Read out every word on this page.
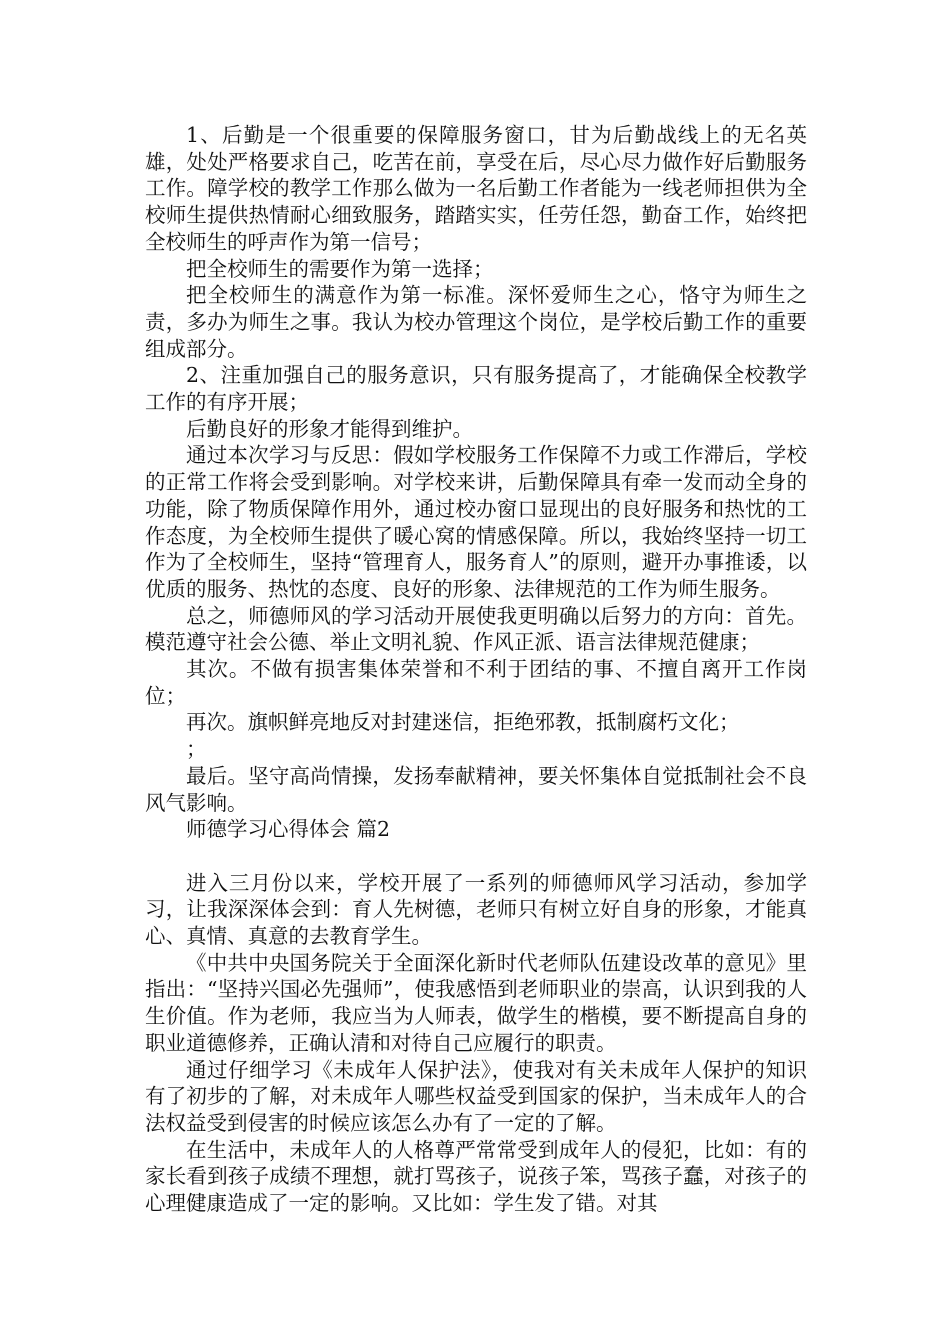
1、后勤是一个很重要的保障服务窗口，甘为后勤战线上的无名英雄，处处严格要求自己，吃苦在前，享受在后，尽心尽力做作好后勤服务工作。障学校的教学工作那么做为一名后勤工作者能为一线老师担供为全校师生提供热情耐心细致服务，踏踏实实，任劳任怨，勤奋工作，始终把全校师生的呼声作为第一信号；

把全校师生的需要作为第一选择；

把全校师生的满意作为第一标准。深怀爱师生之心，恪守为师生之责，多办为师生之事。我认为校办管理这个岗位，是学校后勤工作的重要组成部分。

2、注重加强自己的服务意识，只有服务提高了，才能确保全校教学工作的有序开展；

后勤良好的形象才能得到维护。

通过本次学习与反思：假如学校服务工作保障不力或工作滞后，学校的正常工作将会受到影响。对学校来讲，后勤保障具有牵一发而动全身的功能，除了物质保障作用外，通过校办窗口显现出的良好服务和热忱的工作态度，为全校师生提供了暖心窝的情感保障。所以，我始终坚持一切工作为了全校师生，坚持“管理育人，服务育人”的原则，避开办事推诿，以优质的服务、热忱的态度、良好的形象、法律规范的工作为师生服务。

总之，师德师风的学习活动开展使我更明确以后努力的方向：首先。模范遵守社会公德、举止文明礼貌、作风正派、语言法律规范健康；

其次。不做有损害集体荣誉和不利于团结的事、不擅自离开工作岗位；

再次。旗帜鲜亮地反对封建迷信，拒绝邪教，抵制腐朽文化；

；

最后。坚守高尚情操，发扬奉献精神，要关怀集体自觉抵制社会不良风气影响。

师德学习心得体会 篇2

进入三月份以来，学校开展了一系列的师德师风学习活动，参加学习，让我深深体会到：育人先树德，老师只有树立好自身的形象，才能真心、真情、真意的去教育学生。

《中共中央国务院关于全面深化新时代老师队伍建设改革的意见》里指出：“坚持兴国必先强师”，使我感悟到老师职业的崇高，认识到我的人生价值。作为老师，我应当为人师表，做学生的楷模，要不断提高自身的职业道德修养，正确认清和对待自己应履行的职责。

通过仔细学习《未成年人保护法》，使我对有关未成年人保护的知识有了初步的了解，对未成年人哪些权益受到国家的保护，当未成年人的合法权益受到侵害的时候应该怎么办有了一定的了解。

在生活中，未成年人的人格尊严常常受到成年人的侵犯，比如：有的家长看到孩子成绩不理想，就打骂孩子，说孩子笨，骂孩子蠢，对孩子的心理健康造成了一定的影响。又比如：学生发了错。对其
